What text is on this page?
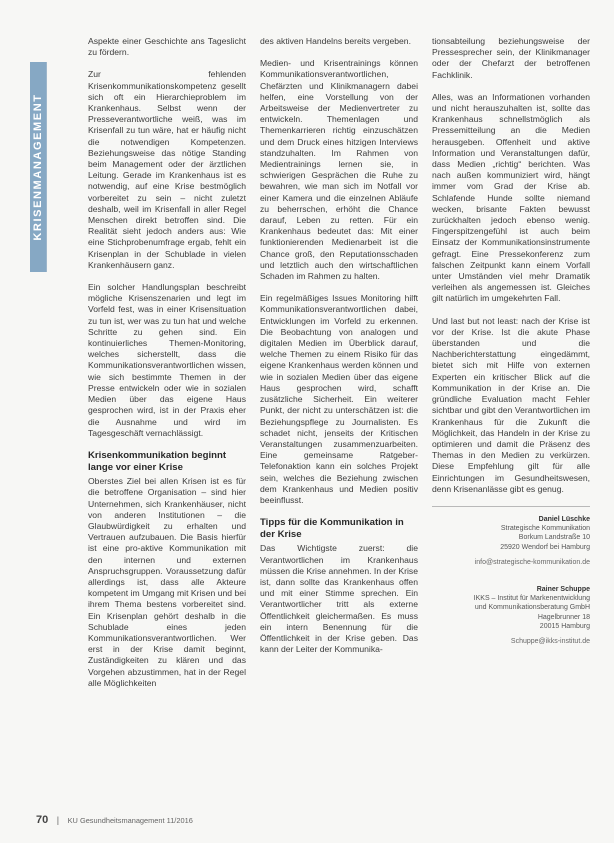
KRISENMANAGEMENT

Aspekte einer Geschichte ans Tageslicht zu fördern.

Zur fehlenden Krisenkommunikationskompetenz gesellt sich oft ein Hierarchieproblem im Krankenhaus. Selbst wenn der Presseverantwortliche weiß, was im Krisenfall zu tun wäre, hat er häufig nicht die notwendigen Kompetenzen. Beziehungsweise das nötige Standing beim Management oder der ärztlichen Leitung. Gerade im Krankenhaus ist es notwendig, auf eine Krise bestmöglich vorbereitet zu sein – nicht zuletzt deshalb, weil im Krisenfall in aller Regel Menschen direkt betroffen sind. Die Realität sieht jedoch anders aus: Wie eine Stichprobenumfrage ergab, fehlt ein Krisenplan in der Schublade in vielen Krankenhäusern ganz.

Ein solcher Handlungsplan beschreibt mögliche Krisenszenarien und legt im Vorfeld fest, was in einer Krisensituation zu tun ist, wer was zu tun hat und welche Schritte zu gehen sind. Ein kontinuierliches Themen-Monitoring, welches sicherstellt, dass die Kommunikationsverantwortlichen wissen, wie sich bestimmte Themen in der Presse entwickeln oder wie in sozialen Medien über das eigene Haus gesprochen wird, ist in der Praxis eher die Ausnahme und wird im Tagesgeschäft vernachlässigt.

Krisenkommunikation beginnt lange vor einer Krise

Oberstes Ziel bei allen Krisen ist es für die betroffene Organisation – sind hier Unternehmen, sich Krankenhäuser, nicht von anderen Institutionen – die Glaubwürdigkeit zu erhalten und Vertrauen aufzubauen. Die Basis hierfür ist eine pro-aktive Kommunikation mit den internen und externen Anspruchsgruppen. Voraussetzung dafür allerdings ist, dass alle Akteure kompetent im Umgang mit Krisen und bei ihrem Thema bestens vorbereitet sind. Ein Krisenplan gehört deshalb in die Schublade eines jeden Kommunikationsverantwortlichen. Wer erst in der Krise damit beginnt, Zuständigkeiten zu klären und das Vorgehen abzustimmen, hat in der Regel alle Möglichkeiten

des aktiven Handelns bereits vergeben.

Medien- und Krisentrainings können Kommunikationsverantwortlichen, Chefärzten und Klinikmanagern dabei helfen, eine Vorstellung von der Arbeitsweise der Medienvertreter zu entwickeln. Themenlagen und Themenkarrieren richtig einzuschätzen und dem Druck eines hitzigen Interviews standzuhalten. Im Rahmen von Medientrainings lernen sie, in schwierigen Gesprächen die Ruhe zu bewahren, wie man sich im Notfall vor einer Kamera und die einzelnen Abläufe zu beherrschen, erhöht die Chance darauf, Leben zu retten. Für ein Krankenhaus bedeutet das: Mit einer funktionierenden Medienarbeit ist die Chance groß, den Reputationsschaden und letztlich auch den wirtschaftlichen Schaden im Rahmen zu halten.

Ein regelmäßiges Issues Monitoring hilft Kommunikationsverantwortlichen dabei, Entwicklungen im Vorfeld zu erkennen. Die Beobachtung von analogen und digitalen Medien im Überblick darauf, welche Themen zu einem Risiko für das eigene Krankenhaus werden können und wie in sozialen Medien über das eigene Haus gesprochen wird, schafft zusätzliche Sicherheit. Ein weiterer Punkt, der nicht zu unterschätzen ist: die Beziehungspflege zu Journalisten. Es schadet nicht, jenseits der Kritischen Veranstaltungen zusammenzuarbeiten. Eine gemeinsame Ratgeber-Telefonaktion kann ein solches Projekt sein, welches die Beziehung zwischen dem Krankenhaus und Medien positiv beeinflusst.

Tipps für die Kommunikation in der Krise

Das Wichtigste zuerst: die Verantwortlichen im Krankenhaus müssen die Krise annehmen. In der Krise ist, dann sollte das Krankenhaus offen und mit einer Stimme sprechen. Ein Verantwortlicher tritt als externe Öffentlichkeit gleichermaßen. Es muss ein intern Benennung für die Öffentlichkeit in der Krise geben. Das kann der Leiter der Kommunika-

tionsabteilung beziehungsweise der Pressesprecher sein, der Klinikmanager oder der Chefarzt der betroffenen Fachklinik.

Alles, was an Informationen vorhanden und nicht herauszuhalten ist, sollte das Krankenhaus schnellstmöglich als Pressemitteilung an die Medien herausgeben. Offenheit und aktive Information und Veranstaltungen dafür, dass Medien „richtig“ berichten. Was nach außen kommuniziert wird, hängt immer vom Grad der Krise ab. Schlafende Hunde sollte niemand wecken, brisante Fakten bewusst zurückhalten jedoch ebenso wenig. Fingerspitzengefühl ist auch beim Einsatz der Kommunikationsinstrumente gefragt. Eine Pressekonferenz zum falschen Zeitpunkt kann einem Vorfall unter Umständen viel mehr Dramatik verleihen als angemessen ist. Gleiches gilt natürlich im umgekehrten Fall.

Und last but not least: nach der Krise ist vor der Krise. Ist die akute Phase überstanden und die Nachberichterstattung eingedämmt, bietet sich mit Hilfe von externen Experten ein kritischer Blick auf die Kommunikation in der Krise an. Die gründliche Evaluation macht Fehler sichtbar und gibt den Verantwortlichen im Krankenhaus für die Zukunft die Möglichkeit, das Handeln in der Krise zu optimieren und damit die Präsenz des Themas in den Medien zu verkürzen. Diese Empfehlung gilt für alle Einrichtungen im Gesundheitswesen, denn Krisenanlässe gibt es genug.

Daniel Lüschke
Strategische Kommunikation
Borkum Landstraße 10
25920 Wendorf bei Hamburg
info@strategische-kommunikation.de
Rainer Schuppe
IKKS – Institut für Markenentwicklung
und Kommunikationsberatung GmbH
Hagelbrunner 18
20015 Hamburg
Schuppe@ikks-institut.de
70 | KU Gesundheitsmanagement 11/2016
